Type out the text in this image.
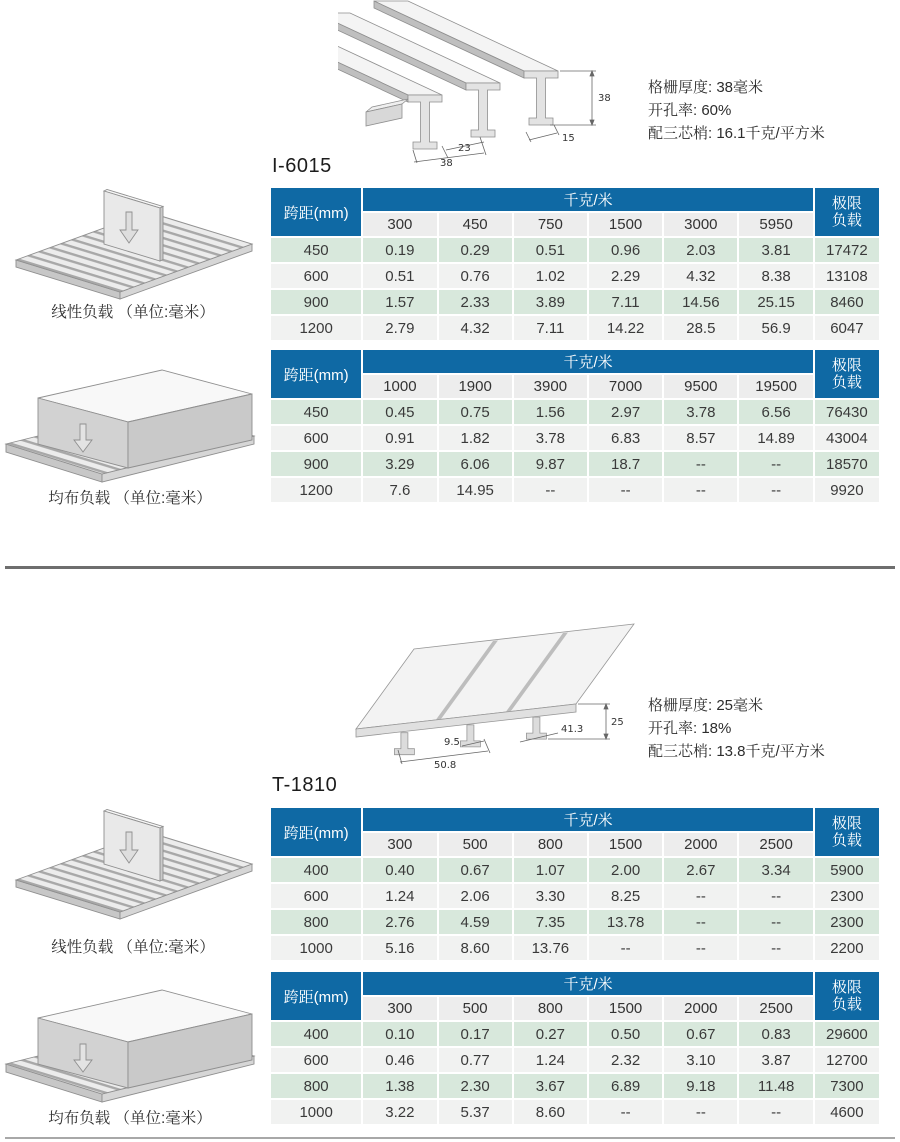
38
15
23
38
格栅厚度: 38毫米
开孔率: 60%
配三芯梢: 16.1千克/平方米
I-6015
线性负载 （单位:毫米）
跨距(mm)	千克/米						极限负载
	300	450	750	1500	3000	5950	
450	0.19	0.29	0.51	0.96	2.03	3.81	17472
600	0.51	0.76	1.02	2.29	4.32	8.38	13108
900	1.57	2.33	3.89	7.11	14.56	25.15	8460
1200	2.79	4.32	7.11	14.22	28.5	56.9	6047
均布负载 （单位:毫米）
跨距(mm)	千克/米						极限负载
	1000	1900	3900	7000	9500	19500	
450	0.45	0.75	1.56	2.97	3.78	6.56	76430
600	0.91	1.82	3.78	6.83	8.57	14.89	43004
900	3.29	6.06	9.87	18.7	--	--	18570
1200	7.6	14.95	--	--	--	--	9920
25
41.3
9.5
50.8
格栅厚度: 25毫米
开孔率: 18%
配三芯梢: 13.8千克/平方米
T-1810
线性负载 （单位:毫米）
跨距(mm)	千克/米						极限负载
	300	500	800	1500	2000	2500	
400	0.40	0.67	1.07	2.00	2.67	3.34	5900
600	1.24	2.06	3.30	8.25	--	--	2300
800	2.76	4.59	7.35	13.78	--	--	2300
1000	5.16	8.60	13.76	--	--	--	2200
均布负载 （单位:毫米）
跨距(mm)	千克/米						极限负载
	300	500	800	1500	2000	2500	
400	0.10	0.17	0.27	0.50	0.67	0.83	29600
600	0.46	0.77	1.24	2.32	3.10	3.87	12700
800	1.38	2.30	3.67	6.89	9.18	11.48	7300
1000	3.22	5.37	8.60	--	--	--	4600
